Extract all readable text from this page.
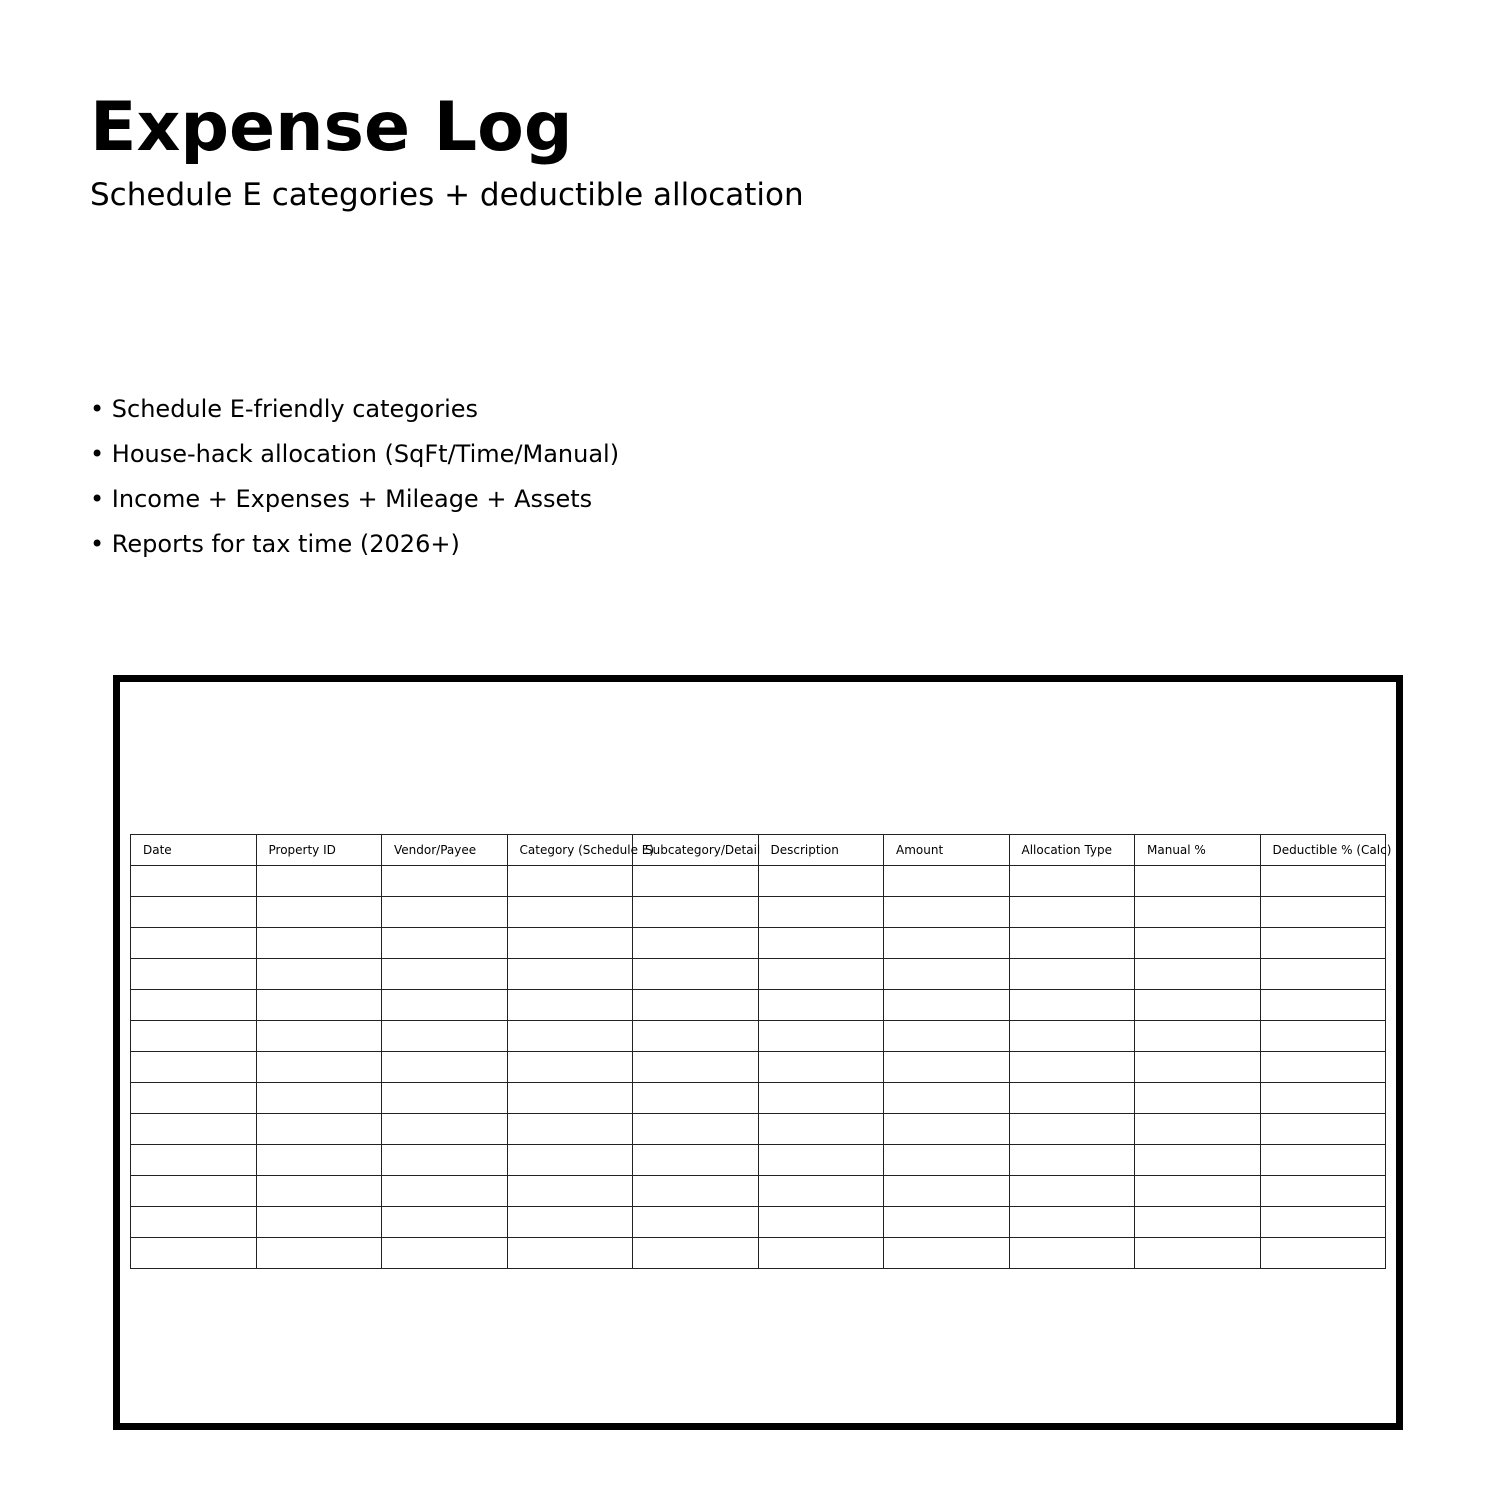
Expense Log

Schedule E categories + deductible allocation

• Schedule E-friendly categories
• House-hack allocation (SqFt/Time/Manual)
• Income + Expenses + Mileage + Assets
• Reports for tax time (2026+)
Date	Property ID	Vendor/Payee	Category (Schedule E)	Subcategory/Detail	Description	Amount	Allocation Type	Manual %	Deductible % (Calc)
